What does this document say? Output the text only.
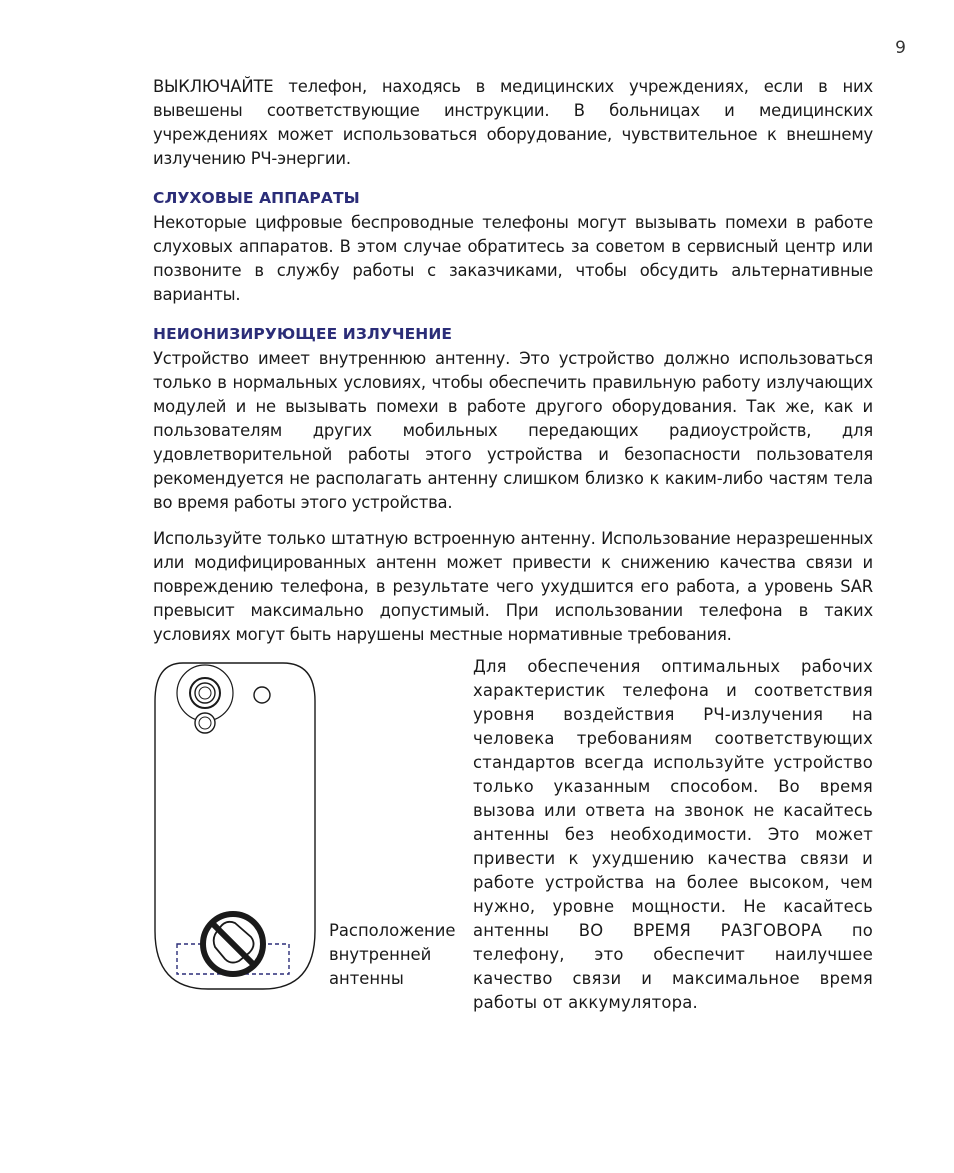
9

ВЫКЛЮЧАЙТЕ телефон, находясь в медицинских учреждениях, если в них вывешены соответствующие инструкции. В больницах и медицинских учреждениях может использоваться оборудование, чувствительное к внешнему излучению РЧ-энергии.

СЛУХОВЫЕ АППАРАТЫ

Некоторые цифровые беспроводные телефоны могут вызывать помехи в работе слуховых аппаратов. В этом случае обратитесь за советом в сервисный центр или позвоните в службу работы с заказчиками, чтобы обсудить альтернативные варианты.

НЕИОНИЗИРУЮЩЕЕ ИЗЛУЧЕНИЕ

Устройство имеет внутреннюю антенну. Это устройство должно использоваться только в нормальных условиях, чтобы обеспечить правильную работу излучающих модулей и не вызывать помехи в работе другого оборудования. Так же, как и пользователям других мобильных передающих радиоустройств, для удовлетворительной работы этого устройства и безопасности пользователя рекомендуется не располагать антенну слишком близко к каким-либо частям тела во время работы этого устройства.

Используйте только штатную встроенную антенну. Использование неразрешенных или модифицированных антенн может привести к снижению качества связи и повреждению телефона, в результате чего ухудшится его работа, а уровень SAR превысит максимально допустимый. При использовании телефона в таких условиях могут быть нарушены местные нормативные требования.

Расположение внутренней антенны
Для обеспечения оптимальных рабочих характеристик телефона и соответствия уровня воздействия РЧ-излучения на человека требованиям соответствующих стандартов всегда используйте устройство только указанным способом. Во время вызова или ответа на звонок не касайтесь антенны без необходимости. Это может привести к ухудшению качества связи и работе устройства на более высоком, чем нужно, уровне мощности. Не касайтесь антенны ВО ВРЕМЯ РАЗГОВОРА по телефону, это обеспечит наилучшее качество связи и максимальное время работы от аккумулятора.
